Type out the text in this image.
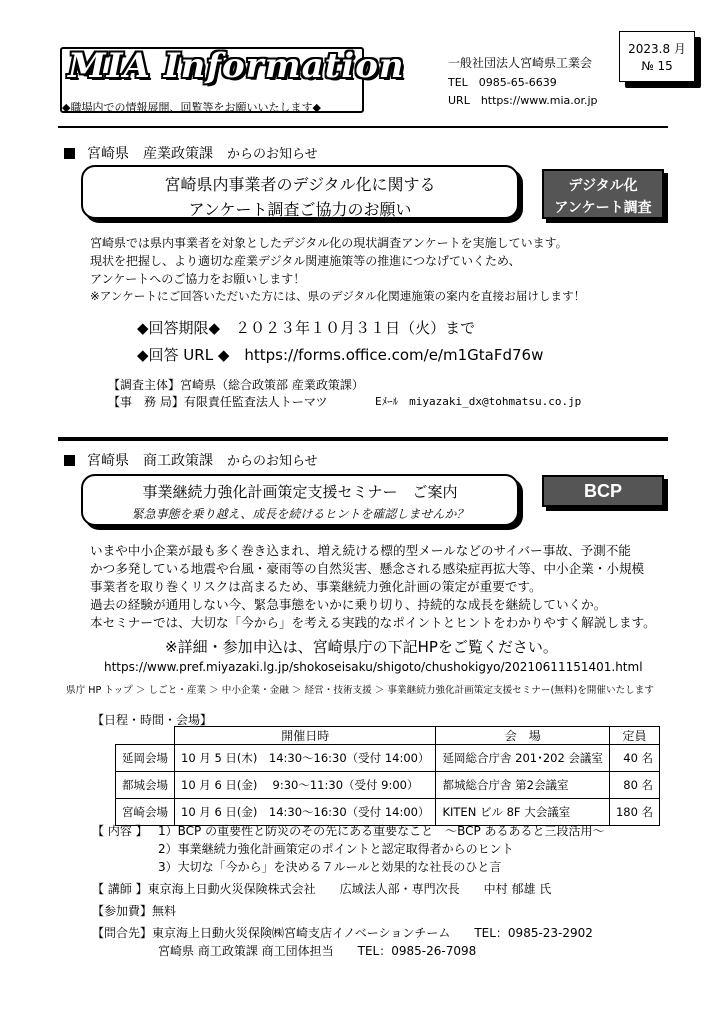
MIA Information
◆職場内での情報展開、回覧等をお願いいたします◆
一般社団法人宮崎県工業会
TEL　0985-65-6639
URL　https://www.mia.or.jp
2023.8 月
№ 15
宮崎県　産業政策課 からのお知らせ
宮崎県内事業者のデジタル化に関する
アンケート調査ご協力のお願い
デジタル化
アンケート調査
宮崎県では県内事業者を対象としたデジタル化の現状調査アンケートを実施しています。
現状を把握し、より適切な産業デジタル関連施策等の推進につなげていくため、
アンケートへのご協力をお願いします！
※アンケートにご回答いただいた方には、県のデジタル化関連施策の案内を直接お届けします！
◆回答期限◆　２０２３年１０月３１日（火）まで
◆回答 URL ◆　https://forms.office.com/e/m1GtaFd76w
【調査主体】宮崎県（総合政策部 産業政策課）
【事　務 局】有限責任監査法人トーマツ	Eﾒｰﾙ　miyazaki_dx@tohmatsu.co.jp
宮崎県　商工政策課 からのお知らせ
事業継続力強化計画策定支援セミナー　ご案内
緊急事態を乗り越え、成長を続けるヒントを確認しませんか？
BCP
いまや中小企業が最も多く巻き込まれ、増え続ける標的型メールなどのサイバー事故、予測不能
かつ多発している地震や台風・豪雨等の自然災害、懸念される感染症再拡大等、中小企業・小規模
事業者を取り巻くリスクは高まるため、事業継続力強化計画の策定が重要です。
過去の経験が通用しない今、緊急事態をいかに乗り切り、持続的な成長を継続していくか。
本セミナーでは、大切な「今から」を考える実践的なポイントとヒントをわかりやすく解説します。
※詳細・参加申込は、宮崎県庁の下記HPをご覧ください。
https://www.pref.miyazaki.lg.jp/shokoseisaku/shigoto/chushokigyo/20210611151401.html
県庁 HP トップ ＞ しごと・産業 ＞ 中小企業・金融 ＞ 経営・技術支援 ＞ 事業継続力強化計画策定支援セミナー(無料)を開催いたします
【日程・時間・会場】
	開催日時	会　場	定員
延岡会場	10 月 5 日(木)　14:30〜16:30（受付 14:00）	延岡総合庁舎 201･202 会議室	40 名
都城会場	10 月 6 日(金)　 9:30〜11:30（受付 9:00）	都城総合庁舎 第2会議室	80 名
宮崎会場	10 月 6 日(金)　14:30〜16:30（受付 14:00）	KITEN ビル 8F 大会議室	180 名
【 内容 】 1）BCP の重要性と防災のその先にある重要なこと　～BCP あるあると三段活用～
2）事業継続力強化計画策定のポイントと認定取得者からのヒント
3）大切な「今から」を決める７ルールと効果的な社長のひと言
【 講師 】東京海上日動火災保険株式会社　　広域法人部・専門次長　　中村 郁雄 氏
【参加費】無料
【問合先】東京海上日動火災保険㈱宮崎支店イノベーションチーム　　TEL：0985-23-2902
宮崎県 商工政策課 商工団体担当　　TEL：0985-26-7098
